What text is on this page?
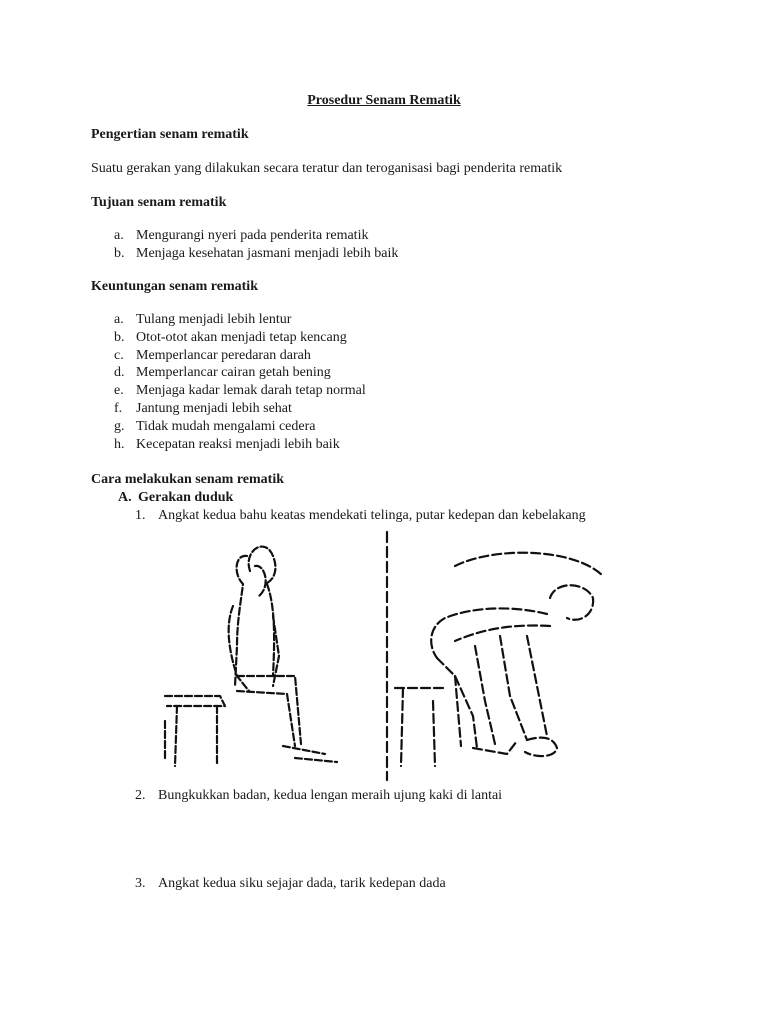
Prosedur Senam Rematik
Pengertian senam rematik
Suatu gerakan yang dilakukan secara teratur dan teroganisasi bagi penderita rematik
Tujuan senam rematik
a. Mengurangi nyeri pada penderita rematik
b. Menjaga kesehatan jasmani menjadi lebih baik
Keuntungan senam rematik
a. Tulang menjadi lebih lentur
b. Otot-otot akan menjadi tetap kencang
c. Memperlancar peredaran darah
d. Memperlancar cairan getah bening
e. Menjaga kadar lemak darah tetap normal
f. Jantung menjadi lebih sehat
g. Tidak mudah mengalami cedera
h. Kecepatan reaksi menjadi lebih baik
Cara melakukan senam rematik
A. Gerakan duduk
1. Angkat kedua bahu keatas mendekati telinga, putar kedepan dan kebelakang
2. Bungkukkan badan, kedua lengan meraih ujung kaki di lantai
3. Angkat kedua siku sejajar dada, tarik kedepan dada
